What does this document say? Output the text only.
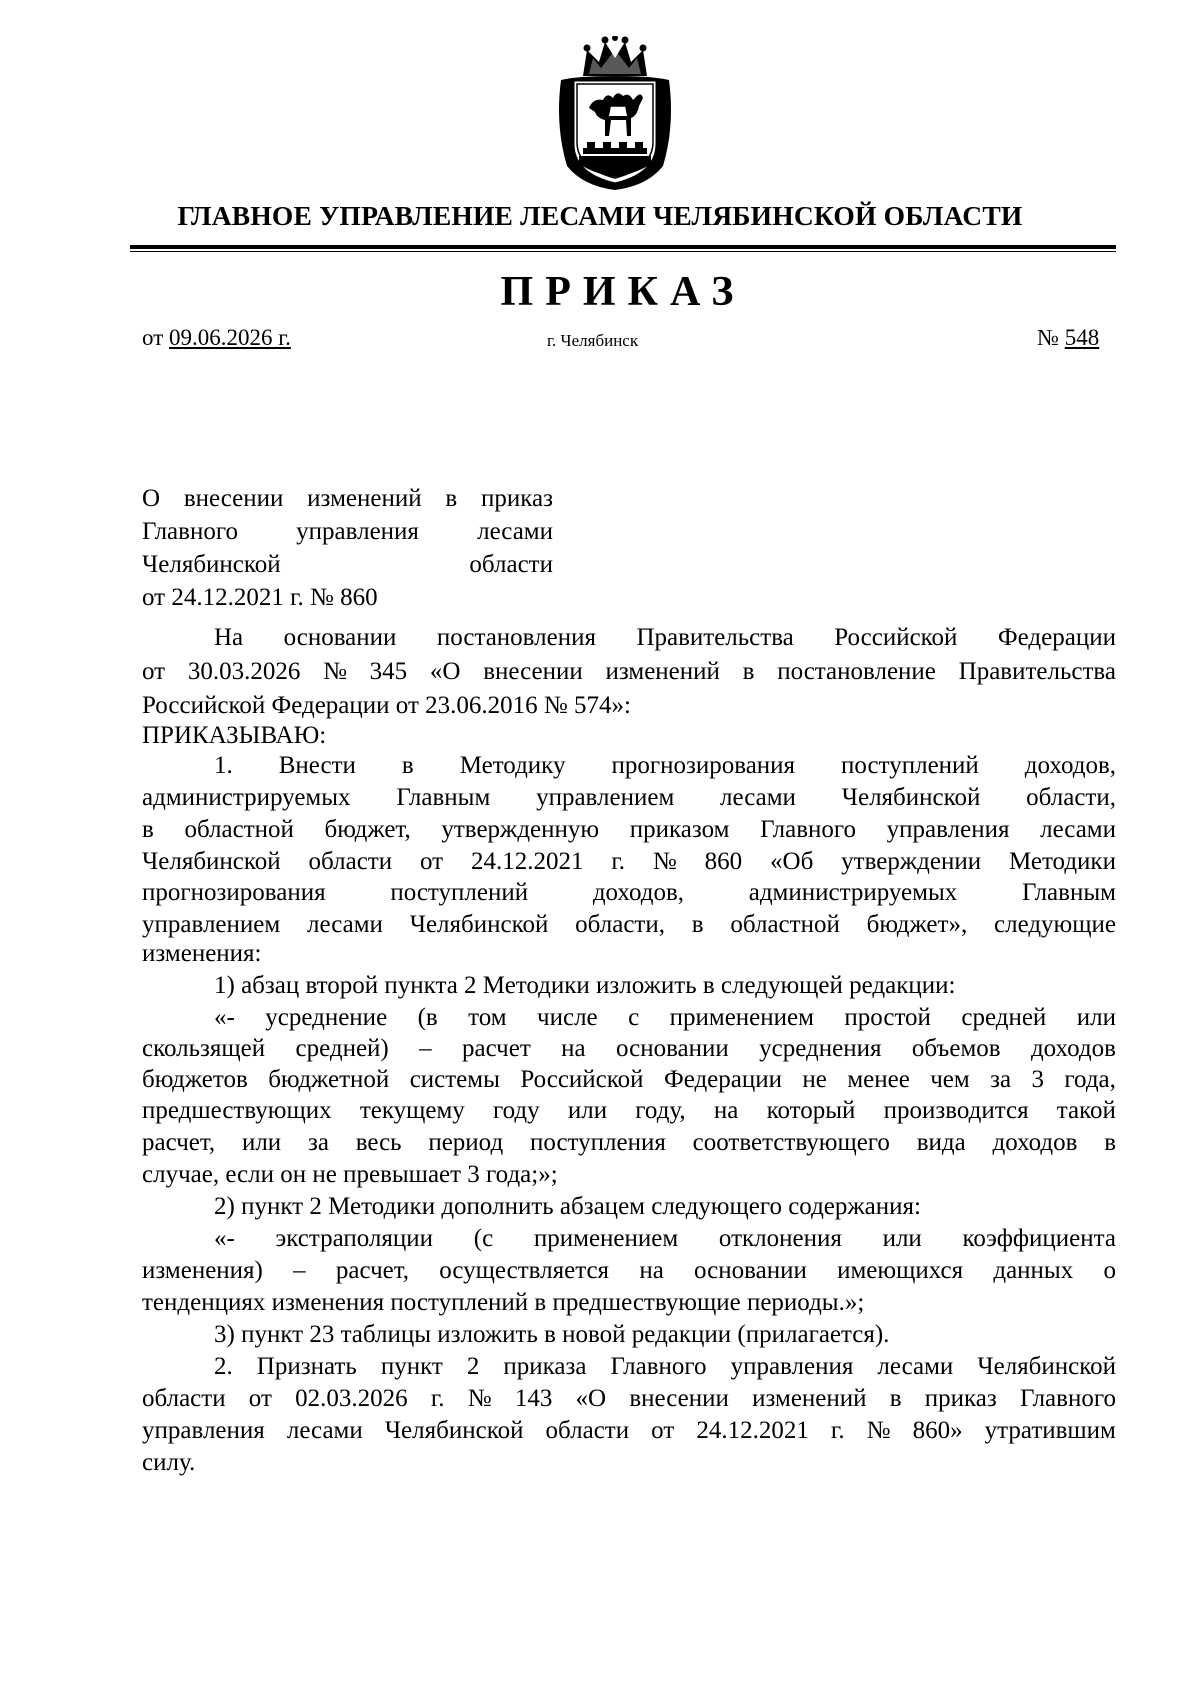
ГЛАВНОЕ УПРАВЛЕНИЕ ЛЕСАМИ ЧЕЛЯБИНСКОЙ ОБЛАСТИ
ПРИКАЗ
от 09.06.2026 г.	г. Челябинск	№ 548
О внесении изменений в приказ
Главного управления лесами
Челябинской	области
от 24.12.2021 г. № 860
На основании постановления Правительства Российской Федерации
от 30.03.2026 № 345 «О внесении изменений в постановление Правительства
Российской Федерации от 23.06.2016 № 574»:
ПРИКАЗЫВАЮ:
1. Внести в Методику прогнозирования поступлений доходов,
администрируемых Главным управлением лесами Челябинской области,
в областной бюджет, утвержденную приказом Главного управления лесами
Челябинской области от 24.12.2021 г. № 860 «Об утверждении Методики
прогнозирования	поступлений	доходов,	администрируемых	Главным
управлением лесами Челябинской области, в областной бюджет», следующие
изменения:
1) абзац второй пункта 2 Методики изложить в следующей редакции:
«- усреднение (в том числе с применением простой средней или
скользящей средней) – расчет на основании усреднения объемов доходов
бюджетов бюджетной системы Российской Федерации не менее чем за 3 года,
предшествующих текущему году или году, на который производится такой
расчет, или за весь период поступления соответствующего вида доходов в
случае, если он не превышает 3 года;»;
2) пункт 2 Методики дополнить абзацем следующего содержания:
«- экстраполяции (с применением отклонения или коэффициента
изменения) – расчет, осуществляется на основании имеющихся данных о
тенденциях изменения поступлений в предшествующие периоды.»;
3) пункт 23 таблицы изложить в новой редакции (прилагается).
2. Признать пункт 2 приказа Главного управления лесами Челябинской
области от 02.03.2026 г. № 143 «О внесении изменений в приказ Главного
управления лесами Челябинской области от 24.12.2021 г. № 860» утратившим
силу.
